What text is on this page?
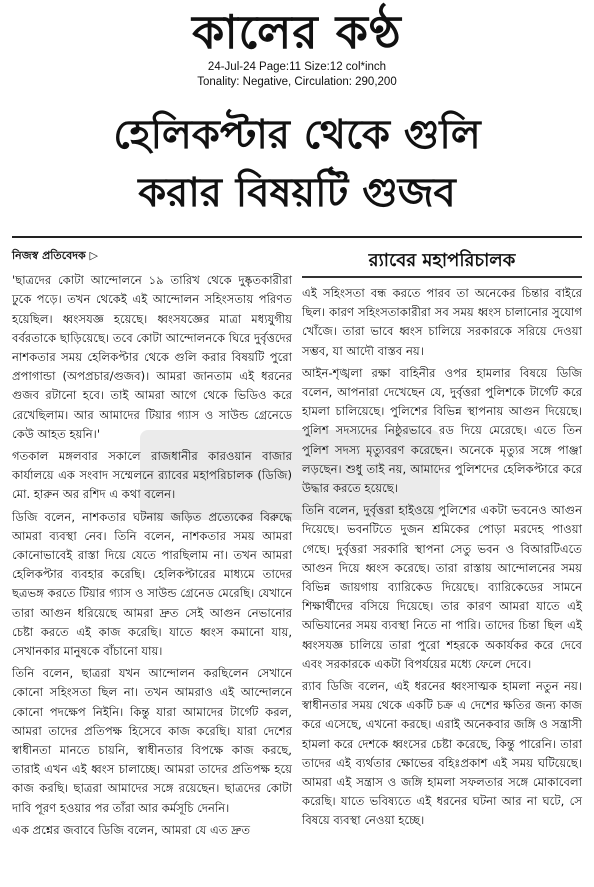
কালের কণ্ঠ
24-Jul-24 Page:11 Size:12 col*inch
Tonality: Negative, Circulation: 290,200
হেলিকপ্টার থেকে গুলি
করার বিষয়টি গুজব
নিজস্ব প্রতিবেদক ▷

'ছাত্রদের কোটা আন্দোলনে ১৯ তারিখ থেকে দুষ্কৃতকারীরা ঢুকে পড়ে। তখন থেকেই এই আন্দোলন সহিংসতায় পরিণত হয়েছিল। ধ্বংসযজ্ঞ হয়েছে। ধ্বংসযজ্ঞের মাত্রা মধ্যযুগীয় বর্বরতাকে ছাড়িয়েছে। তবে কোটা আন্দোলনকে ঘিরে দুর্বৃত্তদের নাশকতার সময় হেলিকপ্টার থেকে গুলি করার বিষয়টি পুরো প্রপাগান্ডা (অপপ্রচার/গুজব)। আমরা জানতাম এই ধরনের গুজব রটানো হবে। তাই আমরা আগে থেকে ভিডিও করে রেখেছিলাম। আর আমাদের টিয়ার গ্যাস ও সাউন্ড গ্রেনেডে কেউ আহত হয়নি।'

গতকাল মঙ্গলবার সকালে রাজধানীর কারওয়ান বাজার কার্যালয়ে এক সংবাদ সম্মেলনে র‍্যাবের মহাপরিচালক (ডিজি) মো. হারুন অর রশিদ এ কথা বলেন।

ডিজি বলেন, নাশকতার ঘটনায় জড়িত প্রত্যেকের বিরুদ্ধে আমরা ব্যবস্থা নেব। তিনি বলেন, নাশকতার সময় আমরা কোনোভাবেই রাস্তা দিয়ে যেতে পারছিলাম না। তখন আমরা হেলিকপ্টার ব্যবহার করেছি। হেলিকপ্টারের মাধ্যমে তাদের ছত্রভঙ্গ করতে টিয়ার গ্যাস ও সাউন্ড গ্রেনেড মেরেছি। যেখানে তারা আগুন ধরিয়েছে আমরা দ্রুত সেই আগুন নেভানোর চেষ্টা করতে এই কাজ করেছি। যাতে ধ্বংস কমানো যায়, সেখানকার মানুষকে বাঁচানো যায়।

তিনি বলেন, ছাত্ররা যখন আন্দোলন করছিলেন সেখানে কোনো সহিংসতা ছিল না। তখন আমরাও এই আন্দোলনে কোনো পদক্ষেপ নিইনি। কিন্তু যারা আমাদের টার্গেট করল, আমরা তাদের প্রতিপক্ষ হিসেবে কাজ করেছি। যারা দেশের স্বাধীনতা মানতে চায়নি, স্বাধীনতার বিপক্ষে কাজ করছে, তারাই এখন এই ধ্বংস চালাচ্ছে। আমরা তাদের প্রতিপক্ষ হয়ে কাজ করছি। ছাত্ররা আমাদের সঙ্গে রয়েছেন। ছাত্রদের কোটা দাবি পূরণ হওয়ার পর তাঁরা আর কর্মসূচি দেননি।

এক প্রশ্নের জবাবে ডিজি বলেন, আমরা যে এত দ্রুত

র‍্যাবের মহাপরিচালক

এই সহিংসতা বন্ধ করতে পারব তা অনেকের চিন্তার বাইরে ছিল। কারণ সহিংসতাকারীরা সব সময় ধ্বংস চালানোর সুযোগ খোঁজে। তারা ভাবে ধ্বংস চালিয়ে সরকারকে সরিয়ে দেওয়া সম্ভব, যা আদৌ বাস্তব নয়।

আইন-শৃঙ্খলা রক্ষা বাহিনীর ওপর হামলার বিষয়ে ডিজি বলেন, আপনারা দেখেছেন যে, দুর্বৃত্তরা পুলিশকে টার্গেট করে হামলা চালিয়েছে। পুলিশের বিভিন্ন স্থাপনায় আগুন দিয়েছে। পুলিশ সদস্যদের নিষ্ঠুরভাবে রড দিয়ে মেরেছে। এতে তিন পুলিশ সদস্য মৃত্যুবরণ করেছেন। অনেকে মৃত্যুর সঙ্গে পাঞ্জা লড়ছেন। শুধু তাই নয়, আমাদের পুলিশদের হেলিকপ্টারে করে উদ্ধার করতে হয়েছে।

তিনি বলেন, দুর্বৃত্তরা হাইওয়ে পুলিশের একটা ভবনেও আগুন দিয়েছে। ভবনটিতে দুজন শ্রমিকের পোড়া মরদেহ পাওয়া গেছে। দুর্বৃত্তরা সরকারি স্থাপনা সেতু ভবন ও বিআরটিএতে আগুন দিয়ে ধ্বংস করেছে। তারা রাস্তায় আন্দোলনের সময় বিভিন্ন জায়গায় ব্যারিকেড দিয়েছে। ব্যারিকেডের সামনে শিক্ষার্থীদের বসিয়ে দিয়েছে। তার কারণ আমরা যাতে এই অভিযানের সময় ব্যবস্থা নিতে না পারি। তাদের চিন্তা ছিল এই ধ্বংসযজ্ঞ চালিয়ে তারা পুরো শহরকে অকার্যকর করে দেবে এবং সরকারকে একটা বিপর্যয়ের মধ্যে ফেলে দেবে।

র‍্যাব ডিজি বলেন, এই ধরনের ধ্বংসাত্মক হামলা নতুন নয়। স্বাধীনতার সময় থেকে একটি চক্র এ দেশের ক্ষতির জন্য কাজ করে এসেছে, এখনো করছে। এরাই অনেকবার জঙ্গি ও সন্ত্রাসী হামলা করে দেশকে ধ্বংসের চেষ্টা করেছে, কিন্তু পারেনি। তারা তাদের এই ব্যর্থতার ক্ষোভের বহিঃপ্রকাশ এই সময় ঘটিয়েছে। আমরা এই সন্ত্রাস ও জঙ্গি হামলা সফলতার সঙ্গে মোকাবেলা করেছি। যাতে ভবিষ্যতে এই ধরনের ঘটনা আর না ঘটে, সে বিষয়ে ব্যবস্থা নেওয়া হচ্ছে।
